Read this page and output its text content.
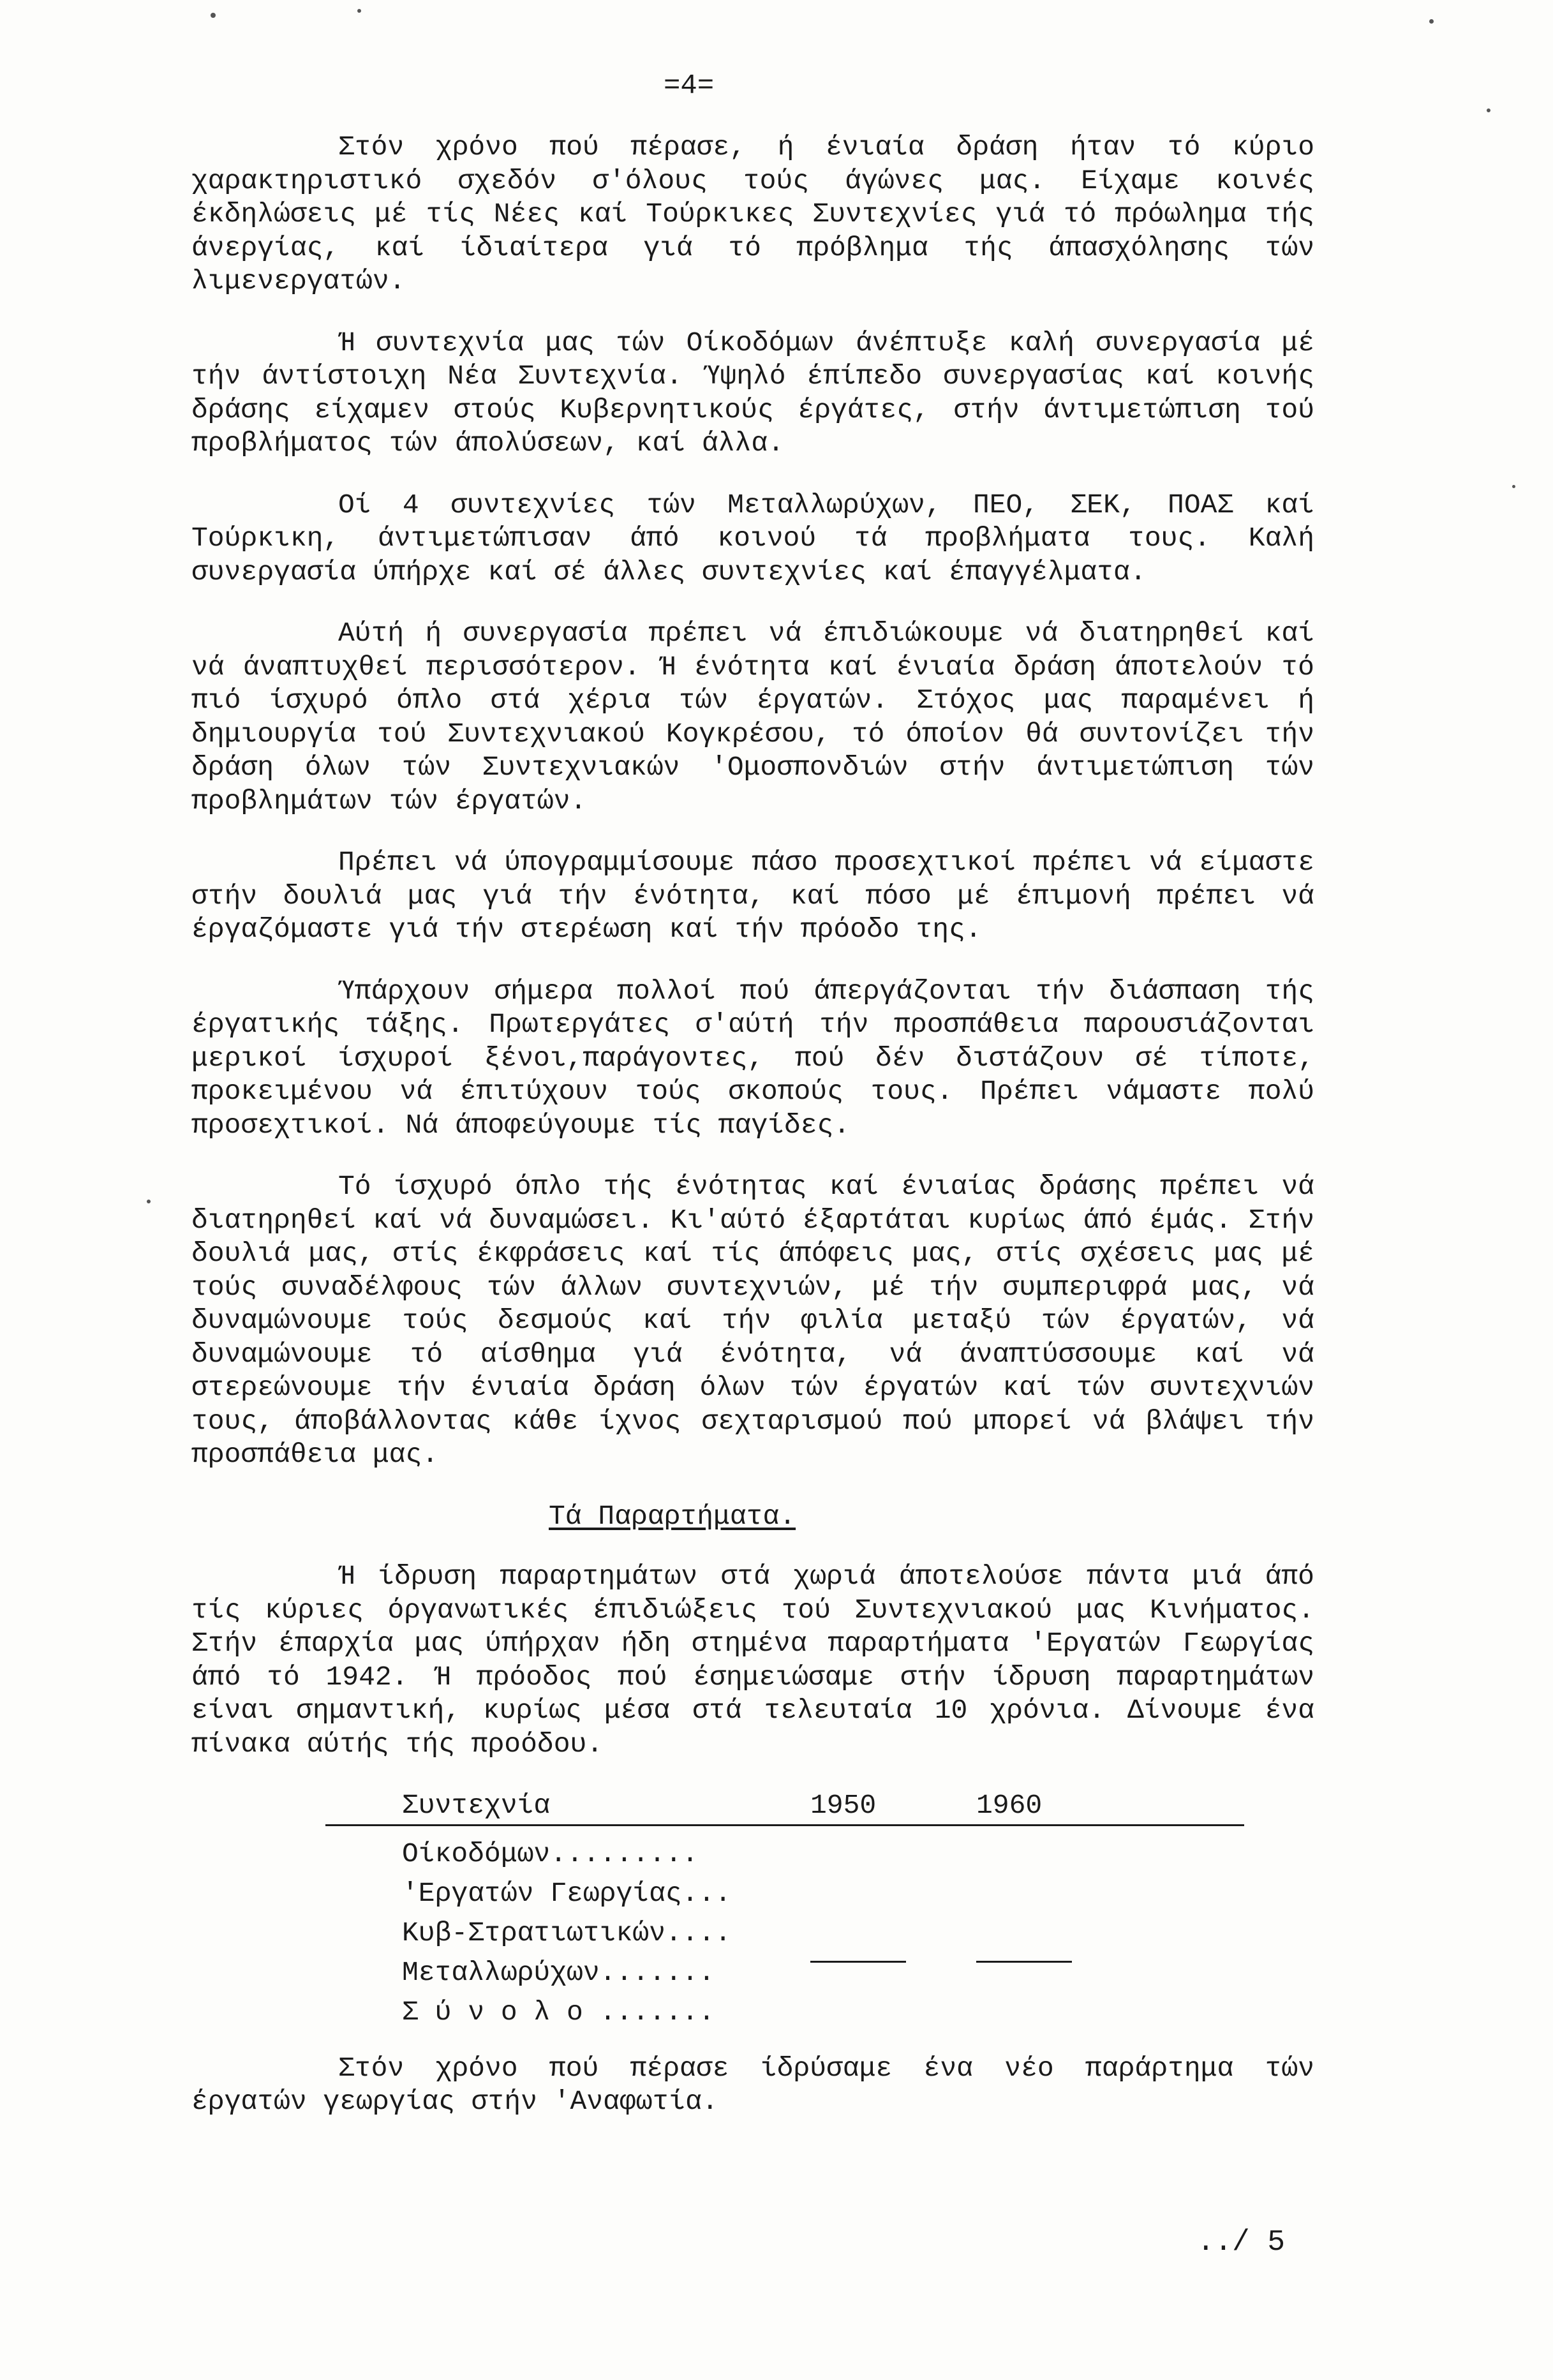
=4=

Στόν χρόνο πού πέρασε, ή ένιαία δράση ήταν τό κύριο χαρακτηριστικό σχεδόν σ'όλους τούς άγώνες μας. Είχαμε κοινές έκδηλώσεις μέ τίς Νέες καί Τούρκικες Συντεχνίες γιά τό πρόωλημα τής άνεργίας, καί ίδιαίτερα γιά τό πρόβλημα τής άπασχόλησης τών λιμενεργατών.

Ή συντεχνία μας τών Οίκοδόμων άνέπτυξε καλή συνεργασία μέ τήν άντίστοιχη Νέα Συντεχνία. Ύψηλό έπίπεδο συνεργασίας καί κοινής δράσης είχαμεν στούς Κυβερνητικούς έργάτες, στήν άντιμετώπιση τού προβλήματος τών άπολύσεων, καί άλλα.

Οί 4 συντεχνίες τών Μεταλλωρύχων, ΠΕΟ, ΣΕΚ, ΠΟΑΣ καί Τούρκικη, άντιμετώπισαν άπό κοινού τά προβλήματα τους. Καλή συνεργασία ύπήρχε καί σέ άλλες συντεχνίες καί έπαγγέλματα.

Αύτή ή συνεργασία πρέπει νά έπιδιώκουμε νά διατηρηθεί καί νά άναπτυχθεί περισσότερον. Ή ένότητα καί ένιαία δράση άποτελούν τό πιό ίσχυρό όπλο στά χέρια τών έργατών. Στόχος μας παραμένει ή δημιουργία τού Συντεχνιακού Κογκρέσου, τό όποίον θά συντονίζει τήν δράση όλων τών Συντεχνιακών 'Ομοσπονδιών στήν άντιμετώπιση τών προβλημάτων τών έργατών.

Πρέπει νά ύπογραμμίσουμε πάσο προσεχτικοί πρέπει νά είμαστε στήν δουλιά μας γιά τήν ένότητα, καί πόσο μέ έπιμονή πρέπει νά έργαζόμαστε γιά τήν στερέωση καί τήν πρόοδο της.

Ύπάρχουν σήμερα πολλοί πού άπεργάζονται τήν διάσπαση τής έργατικής τάξης. Πρωτεργάτες σ'αύτή τήν προσπάθεια παρουσιάζονται μερικοί ίσχυροί ξένοι,παράγοντες, πού δέν διστάζουν σέ τίποτε, προκειμένου νά έπιτύχουν τούς σκοπούς τους. Πρέπει νάμαστε πολύ προσεχτικοί. Νά άποφεύγουμε τίς παγίδες.

Τό ίσχυρό όπλο τής ένότητας καί ένιαίας δράσης πρέπει νά διατηρηθεί καί νά δυναμώσει. Κι'αύτό έξαρτάται κυρίως άπό έμάς. Στήν δουλιά μας, στίς έκφράσεις καί τίς άπόφεις μας, στίς σχέσεις μας μέ τούς συναδέλφους τών άλλων συντεχνιών, μέ τήν συμπεριφρά μας, νά δυναμώνουμε τούς δεσμούς καί τήν φιλία μεταξύ τών έργατών, νά δυναμώνουμε τό αίσθημα γιά ένότητα, νά άναπτύσσουμε καί νά στερεώνουμε τήν ένιαία δράση όλων τών έργατών καί τών συντεχνιών τους, άποβάλλοντας κάθε ίχνος σεχταρισμού πού μπορεί νά βλάψει τήν προσπάθεια μας.

Τά Παραρτήματα.

Ή ίδρυση παραρτημάτων στά χωριά άποτελούσε πάντα μιά άπό τίς κύριες όργανωτικές έπιδιώξεις τού Συντεχνιακού μας Κινήματος. Στήν έπαρχία μας ύπήρχαν ήδη στημένα παραρτήματα 'Εργατών Γεωργίας άπό τό 1942. Ή πρόοδος πού έσημειώσαμε στήν ίδρυση παραρτημάτων είναι σημαντική, κυρίως μέσα στά τελευταία 10 χρόνια. Δίνουμε ένα πίνακα αύτής τής προόδου.

Συντεχνία	1950	1960
Οίκοδόμων.........
'Εργατών Γεωργίας...
Κυβ-Στρατιωτικών....
Μεταλλωρύχων.......
Σ ύ ν ο λ ο .......

Στόν χρόνο πού πέρασε ίδρύσαμε ένα νέο παράρτημα τών έργατών γεωργίας στήν 'Αναφωτία.

../ 5
